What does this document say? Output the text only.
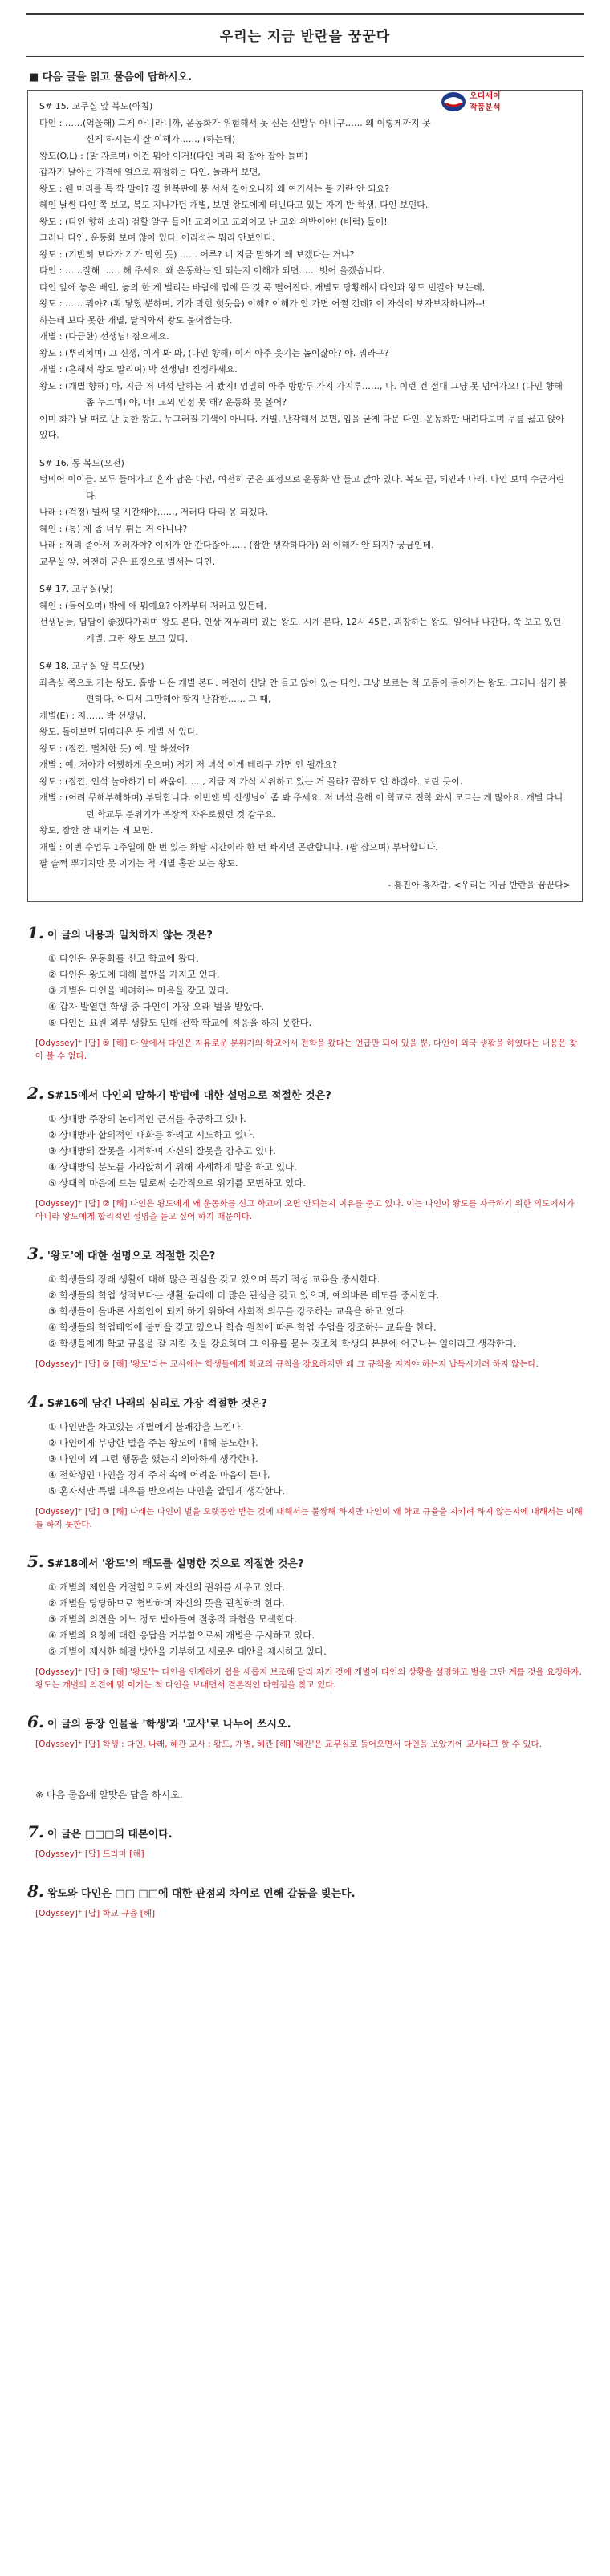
우리는 지금 반란을 꿈꾼다
■ 다음 글을 읽고 물음에 답하시오.
오디세이
작품분석

S# 15. 교무실 앞 복도(아침)

다인 : ……(억울해) 그게 아니라니까, 운동화가 위험해서 못 신는 신발두 아니구…… 왜 이렇게까지 못 신게 하시는지 잘 이해가……, (하는데)

왕도(O.L) : (말 자르며) 이건 뭐야 이거!(다인 머리 홱 잡아 잡아 틀며)

갑자기 날아든 가격에 얼으로 휘청하는 다인. 놀라서 보면,

왕도 : 웬 머리를 톡 깍 말아? 길 한복판에 붕 서서 길아오니까 왜 여기서는 볼 거란 안 되요?

혜인 날씬 다인 쪽 보고, 복도 지나가던 개별, 보면 왕도에게 터닌다고 있는 자기 반 학생. 다인 보인다.

왕도 : (다인 향해 소리) 검할 알구 들어! 교외이고 교외이고 난 교외 위반이야! (버럭) 들어!

그러나 다인, 운동화 보며 않아 있다. 어리석는 뭐리 안보인다.

왕도 : (기반히 보다가 기가 막힌 듯) …… 어루? 너 지금 말하기 왜 보겠다는 거냐?

다인 : ……잘해 …… 해 주세요. 왜 운동화는 안 되는지 이해가 되면…… 벗어 올겠습니다.

다인 앞에 놓은 배인, 놓의 한 게 벌리는 바람에 입에 뜬 것 푹 떨어진다. 개별도 당황해서 다인과 왕도 번갈아 보는데,

왕도 : …… 뭐야? (확 닿혔 뿐하며, 기가 막힌 헛웃음) 이해? 이해가 안 가면 어쩔 건데? 이 자식이 보자보자하니까--!

하는데 보다 못한 개별, 달려와서 왕도 붙어잡는다.

개별 : (다급한) 선생님! 잠으세요.

왕도 : (뿌리치며) 끄 신생, 이거 봐 봐, (다인 향해) 이거 아주 웃기는 놈이잖아? 야. 뭐라구?

개별 : (흔해서 왕도 말리며) 박 선생님! 진정하세요.

왕도 : (개별 향해) 아, 지금 저 녀석 말하는 거 봤지! 엄밀히 아주 방방두 가지 가지루……, 나. 이런 건 절대 그냥 못 넘어가요! (다인 향해 좀 누르며) 야, 너! 교외 인정 못 해? 운동화 못 볼어?

이미 화가 날 때로 난 듯한 왕도. 누그러질 기색이 아니다. 개별, 난감해서 보면, 입을 굳게 다문 다인. 운동화만 내려다보며 무릎 꿇고 앉아 있다.

S# 16. 동 복도(오전)

텅비어 이이들. 모두 들어가고 혼자 남은 다인, 여전히 굳은 표정으로 운동화 안 들고 앉아 있다. 복도 끝, 혜인과 나래. 다인 보며 수군거린다.

나래 : (걱정) 벌써 몇 시간째야……, 저러다 다리 몽 되겠다.

혜인 : (통) 제 좀 너무 튀는 거 아니냐?

나래 : 저리 좀아서 저러자야? 이제가 안 간다잖아…… (잠깐 생각하다가) 왜 이해가 안 되지? 궁금인데.

교무실 앞, 여전히 굳은 표정으로 벌서는 다인.

S# 17. 교무실(낮)

혜인 : (들어오며) 밖에 애 뭐예요? 아까부터 저러고 있든데.

선생님들, 답답이 좋겠다가리며 왕도 본다. 인상 저푸리며 있는 왕도. 시계 본다. 12시 45분. 괴장하는 왕도. 일어나 나간다. 쪽 보고 있던 개별. 그런 왕도 보고 있다.

S# 18. 교무실 앞 복도(낮)

좌측실 쪽으로 가는 왕도. 홀방 나온 개별 본다. 여전히 신발 안 들고 앉아 있는 다인. 그냥 보르는 척 모통이 돌아가는 왕도. 그러나 심기 불편하다. 어디서 그만해야 할지 난감한…… 그 때,

개별(E) : 저…… 박 선생님,

왕도, 돌아보면 뒤따라온 듯 개별 서 있다.

왕도 : (잠깐, 떨쳐한 듯) 예, 말 하셨어?

개별 : 예, 저아가 어쨌하게 웃으며) 저기 저 녀석 이게 테리구 가면 안 될까요?

왕도 : (잠깐, 인석 놀아하기 미 싸움이……, 지금 저 가식 시위하고 있는 거 몰라? 꿈하도 안 하잖아. 보란 듯이.

개별 : (어려 무해부해하며) 부탁합니다. 이번엔 박 선생님이 좀 봐 주세요. 저 녀석 올해 이 학교로 전학 와서 모르는 게 많아요. 개별 다니던 학교두 분위기가 복장적 자유로웠던 것 같구요.

왕도, 잠깐 안 내키는 게 보면.

개별 : 이번 수업두 1주일에 한 번 있는 화탈 시간이라 한 번 빠지면 곤란합니다. (팔 잡으며) 부탁합니다.

팔 슬쩍 뿌기지만 못 이기는 척 개별 홀판 보는 왕도.

- 홍진아 홍자람, <우리는 지금 반란을 꿈꾼다>

1. 이 글의 내용과 일치하지 않는 것은?
① 다인은 운동화를 신고 학교에 왔다.
② 다인은 왕도에 대해 불만을 가지고 있다.
③ 개별은 다인을 배려하는 마음을 갖고 있다.
④ 갑자 발열던 학생 중 다인이 가장 오래 벌을 받았다.
⑤ 다인은 요원 외부 생활도 인해 전학 학교에 적응을 하지 못한다.
[Odyssey]⁺ [답] ⑤ [해] 다 앞에서 다인은 자유로운 분위기의 학교에서 전학을 왔다는 언급만 되어 있을 뿐, 다인이 외국 생활을 하였다는 내용은 찾아 볼 수 없다.
2. S#15에서 다인의 말하기 방법에 대한 설명으로 적절한 것은?
① 상대방 주장의 논리적인 근거를 추궁하고 있다.
② 상대방과 합의적인 대화를 하려고 시도하고 있다.
③ 상대방의 잘못을 지적하며 자신의 잘못을 감추고 있다.
④ 상대방의 분노를 가라앉히기 위해 자세하게 말을 하고 있다.
⑤ 상대의 마음에 드는 말로써 순간적으로 위기를 모면하고 있다.
[Odyssey]⁺ [답] ② [해] 다인은 왕도에게 왜 운동화를 신고 학교에 오면 안되는지 이유를 묻고 있다. 이는 다인이 왕도를 자극하기 위한 의도에서가 아니라 왕도에게 합리적인 설명을 듣고 싶어 하기 때문이다.
3. '왕도'에 대한 설명으로 적절한 것은?
① 학생들의 장래 생활에 대해 많은 관심을 갖고 있으며 특기 적성 교육을 중시한다.
② 학생들의 학업 성적보다는 생활 윤리에 더 많은 관심을 갖고 있으며, 예의바른 태도를 중시한다.
③ 학생들이 올바른 사회인이 되게 하기 위하여 사회적 의무를 강조하는 교육을 하고 있다.
④ 학생들의 학업태엽에 불만을 갖고 있으나 학습 원칙에 따른 학업 수업을 강조하는 교육을 한다.
⑤ 학생들에게 학교 규율을 잘 지킬 것을 강요하며 그 이유를 묻는 것조차 학생의 본분에 어긋나는 일이라고 생각한다.
[Odyssey]⁺ [답] ⑤ [해] '왕도'라는 교사에는 학생들에게 학교의 규칙을 강요하지만 왜 그 규칙을 지켜야 하는지 납득시키려 하지 않는다.
4. S#16에 담긴 나래의 심리로 가장 적절한 것은?
① 다인만을 차고있는 개별에게 불쾌감을 느낀다.
② 다인에게 부당한 벌을 주는 왕도에 대해 분노한다.
③ 다인이 왜 그런 행동을 했는지 의아하게 생각한다.
④ 전학생인 다인을 경계 주저 속에 어려운 마음이 든다.
⑤ 혼자서만 특별 대우를 받으려는 다인을 얄밉게 생각한다.
[Odyssey]⁺ [답] ③ [해] 나래는 다인이 벌을 오랫동안 받는 것에 대해서는 불쌍해 하지만 다인이 왜 학교 규율을 지키려 하지 않는지에 대해서는 이해를 하지 못한다.
5. S#18에서 '왕도'의 태도를 설명한 것으로 적절한 것은?
① 개별의 제안을 거절함으로써 자신의 권위를 세우고 있다.
② 개별을 당당하므로 협박하며 자신의 뜻을 관철하려 한다.
③ 개별의 의견을 어느 정도 받아들여 절충적 타협을 모색한다.
④ 개별의 요청에 대한 응답을 거부함으로써 개별을 무시하고 있다.
⑤ 개별이 제시한 해결 방안을 거부하고 새로운 대안을 제시하고 있다.
[Odyssey]⁺ [답] ③ [해] '왕도'는 다인을 인계하기 쉽을 새롭지 보조해 달라 자기 것에 개별이 다인의 상황을 설명하고 벌을 그만 계를 것을 요청하자, 왕도는 개별의 의견에 맞 이기는 척 다인을 보내면서 결론적인 타협점을 찾고 있다.
6. 이 글의 등장 인물을 '학생'과 '교사'로 나누어 쓰시오.
[Odyssey]⁺ [답] 학생 : 다인, 나래, 혜관 교사 : 왕도, 개별, 혜관 [해] '혜관'은 교무실로 들어오면서 다인을 보았기에 교사라고 할 수 있다.
※ 다음 물음에 알맞은 답을 하시오.
7. 이 글은 □□□의 대본이다.
[Odyssey]⁺ [답] 드라마 [해]
8. 왕도와 다인은 □□ □□에 대한 관점의 차이로 인해 갈등을 빚는다.
[Odyssey]⁺ [답] 학교 규율 [해]
